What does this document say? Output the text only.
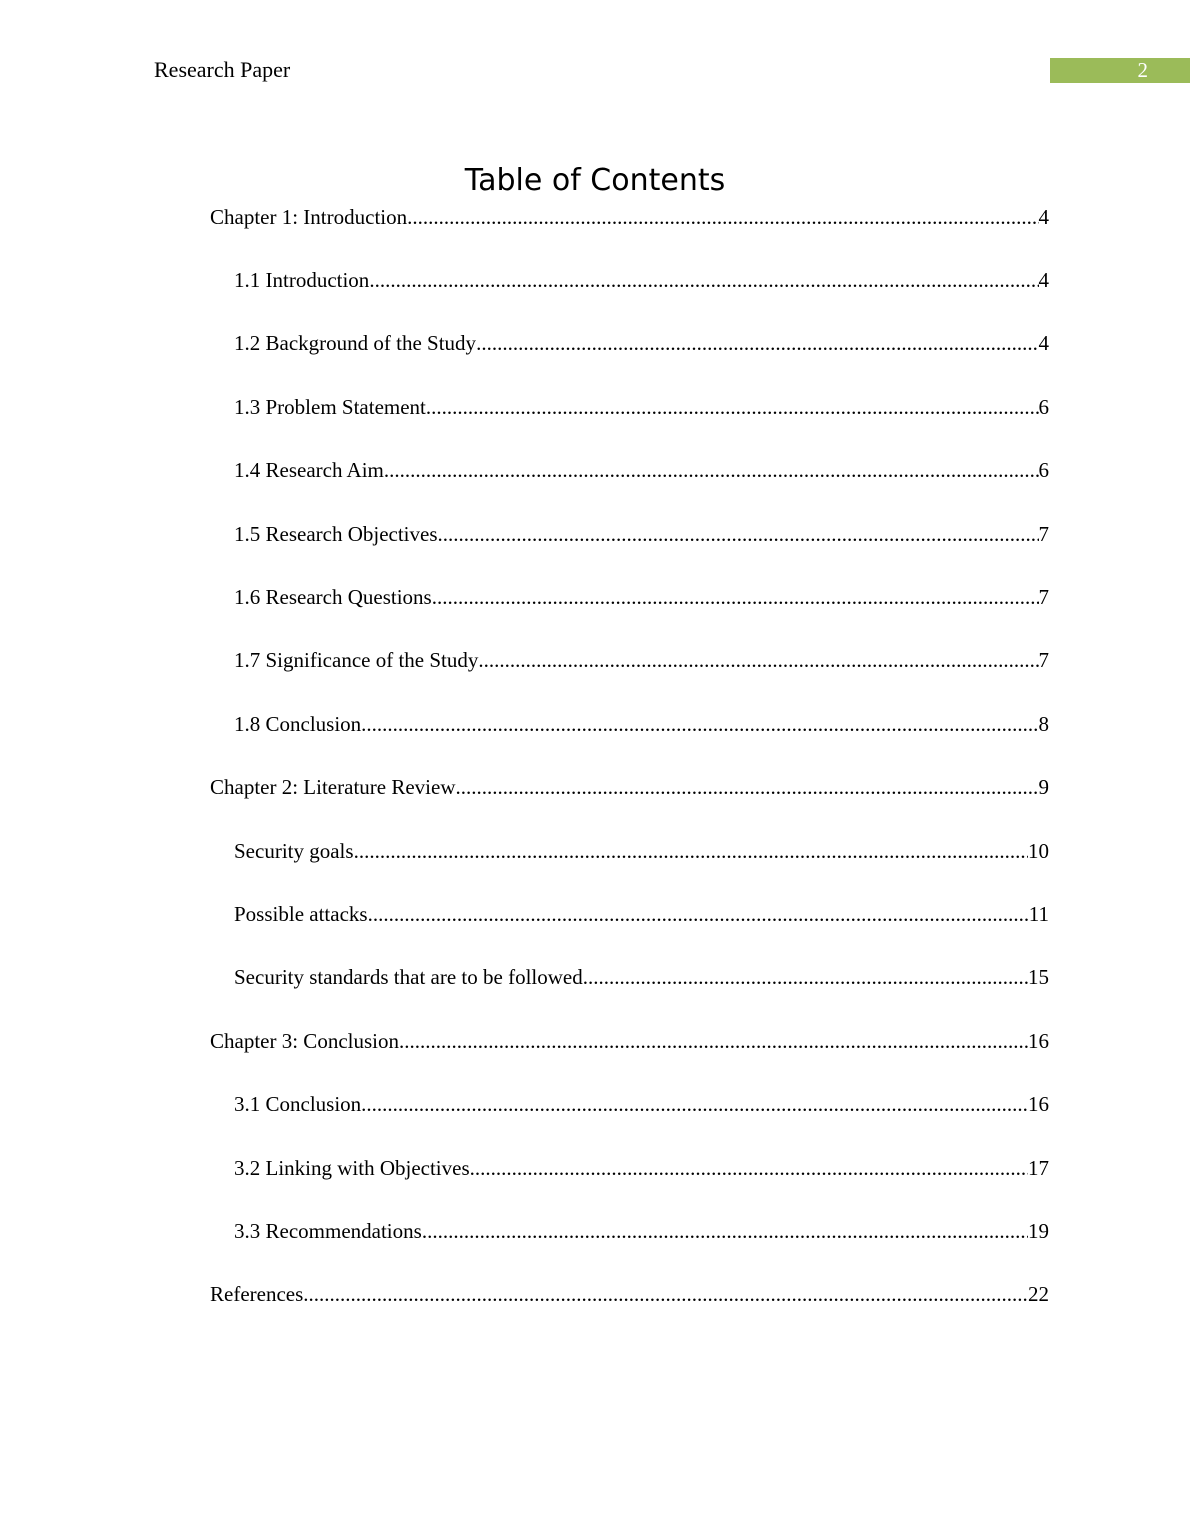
Research Paper	2
Table of Contents
Chapter 1: Introduction .....	4
1.1 Introduction .....	4
1.2 Background of the Study .....	4
1.3 Problem Statement .....	6
1.4 Research Aim .....	6
1.5 Research Objectives .....	7
1.6 Research Questions .....	7
1.7 Significance of the Study .....	7
1.8 Conclusion .....	8
Chapter 2: Literature Review .....	9
Security goals .....	10
Possible attacks .....	11
Security standards that are to be followed .....	15
Chapter 3: Conclusion .....	16
3.1 Conclusion .....	16
3.2 Linking with Objectives .....	17
3.3 Recommendations .....	19
References .....	22
